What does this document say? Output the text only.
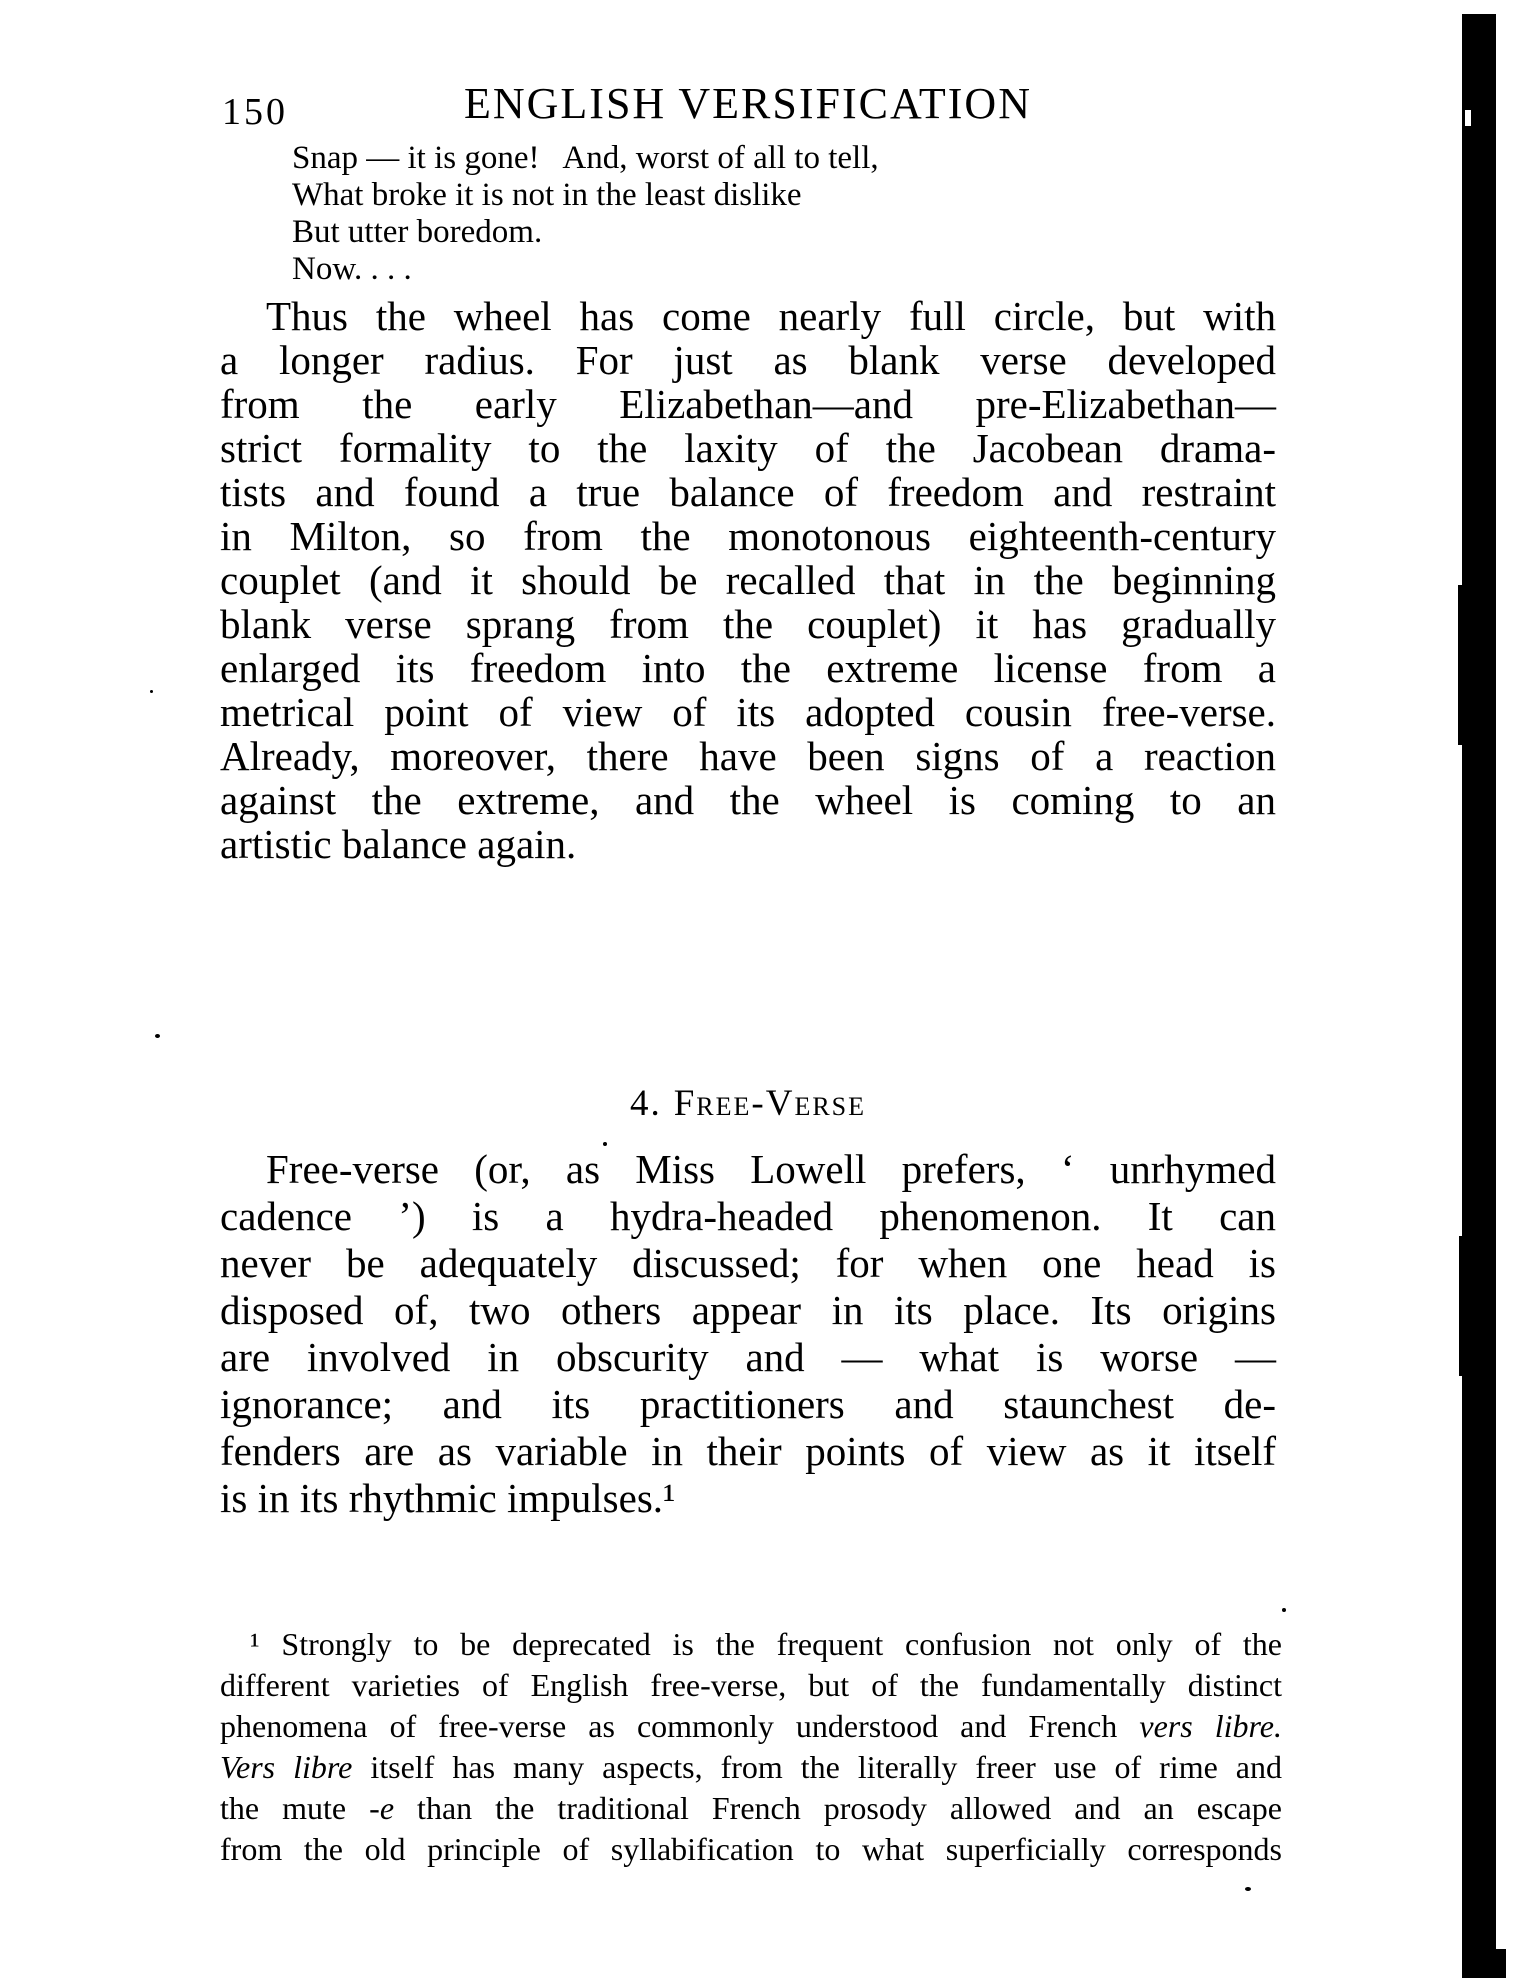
150	ENGLISH VERSIFICATION
Snap — it is gone!   And, worst of all to tell,
What broke it is not in the least dislike
But utter boredom.
Now. . . .
Thus the wheel has come nearly full circle, but with
a longer radius. For just as blank verse developed
from the early Elizabethan—and pre-Elizabethan—
strict formality to the laxity of the Jacobean drama-
tists and found a true balance of freedom and restraint
in Milton, so from the monotonous eighteenth-century
couplet (and it should be recalled that in the beginning
blank verse sprang from the couplet) it has gradually
enlarged its freedom into the extreme license from a
metrical point of view of its adopted cousin free-verse.
Already, moreover, there have been signs of a reaction
against the extreme, and the wheel is coming to an
artistic balance again.
4. Free-Verse
Free-verse (or, as Miss Lowell prefers, ‘ unrhymed
cadence ’) is a hydra-headed phenomenon. It can
never be adequately discussed; for when one head is
disposed of, two others appear in its place. Its origins
are involved in obscurity and — what is worse —
ignorance; and its practitioners and staunchest de-
fenders are as variable in their points of view as it itself
is in its rhythmic impulses.¹
¹ Strongly to be deprecated is the frequent confusion not only of the
different varieties of English free-verse, but of the fundamentally distinct
phenomena of free-verse as commonly understood and French vers libre.
Vers libre itself has many aspects, from the literally freer use of rime and
the mute -e than the traditional French prosody allowed and an escape
from the old principle of syllabification to what superficially corresponds
